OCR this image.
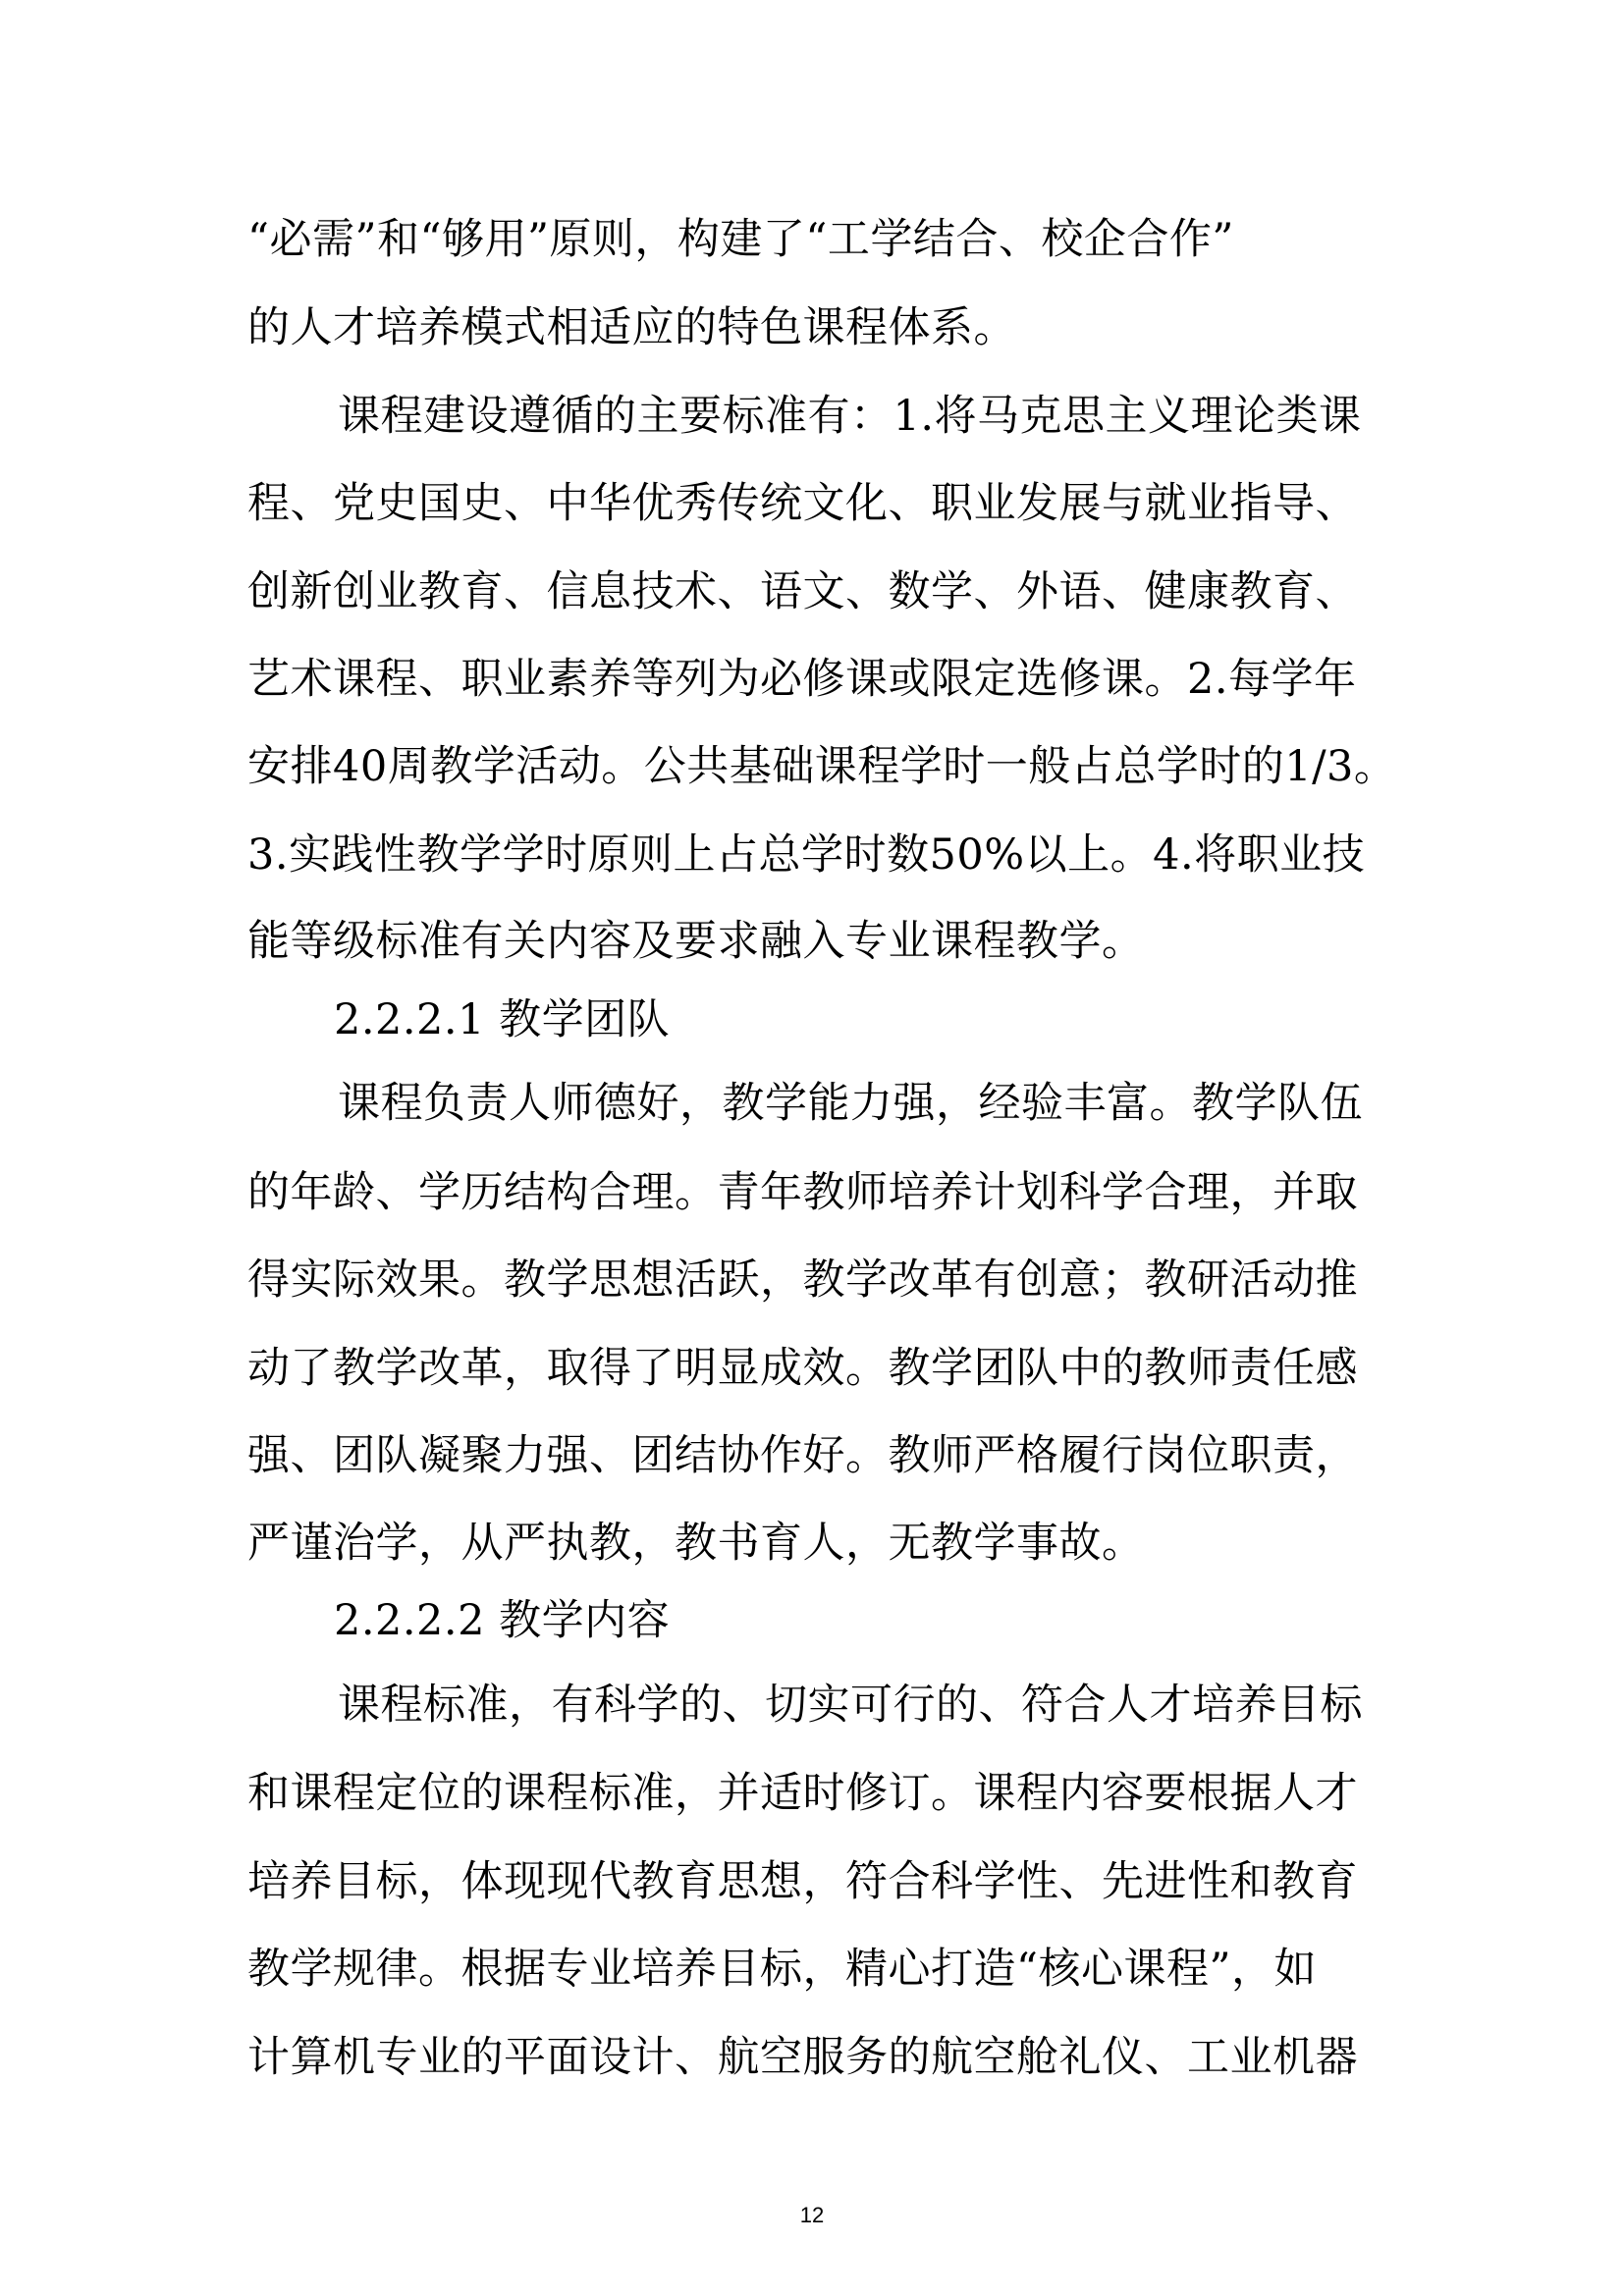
“必需”和“够用”原则，构建了“工学结合、校企合作”
的人才培养模式相适应的特色课程体系。
课程建设遵循的主要标准有：1.将马克思主义理论类课
程、党史国史、中华优秀传统文化、职业发展与就业指导、
创新创业教育、信息技术、语文、数学、外语、健康教育、
艺术课程、职业素养等列为必修课或限定选修课。2.每学年
安排40周教学活动。公共基础课程学时一般占总学时的1/3。
3.实践性教学学时原则上占总学时数50%以上。4.将职业技
能等级标准有关内容及要求融入专业课程教学。
2.2.2.1 教学团队
课程负责人师德好，教学能力强，经验丰富。教学队伍
的年龄、学历结构合理。青年教师培养计划科学合理，并取
得实际效果。教学思想活跃，教学改革有创意；教研活动推
动了教学改革，取得了明显成效。教学团队中的教师责任感
强、团队凝聚力强、团结协作好。教师严格履行岗位职责，
严谨治学，从严执教，教书育人，无教学事故。
2.2.2.2 教学内容
课程标准，有科学的、切实可行的、符合人才培养目标
和课程定位的课程标准，并适时修订。课程内容要根据人才
培养目标，体现现代教育思想，符合科学性、先进性和教育
教学规律。根据专业培养目标，精心打造“核心课程”，如
计算机专业的平面设计、航空服务的航空舱礼仪、工业机器
12
